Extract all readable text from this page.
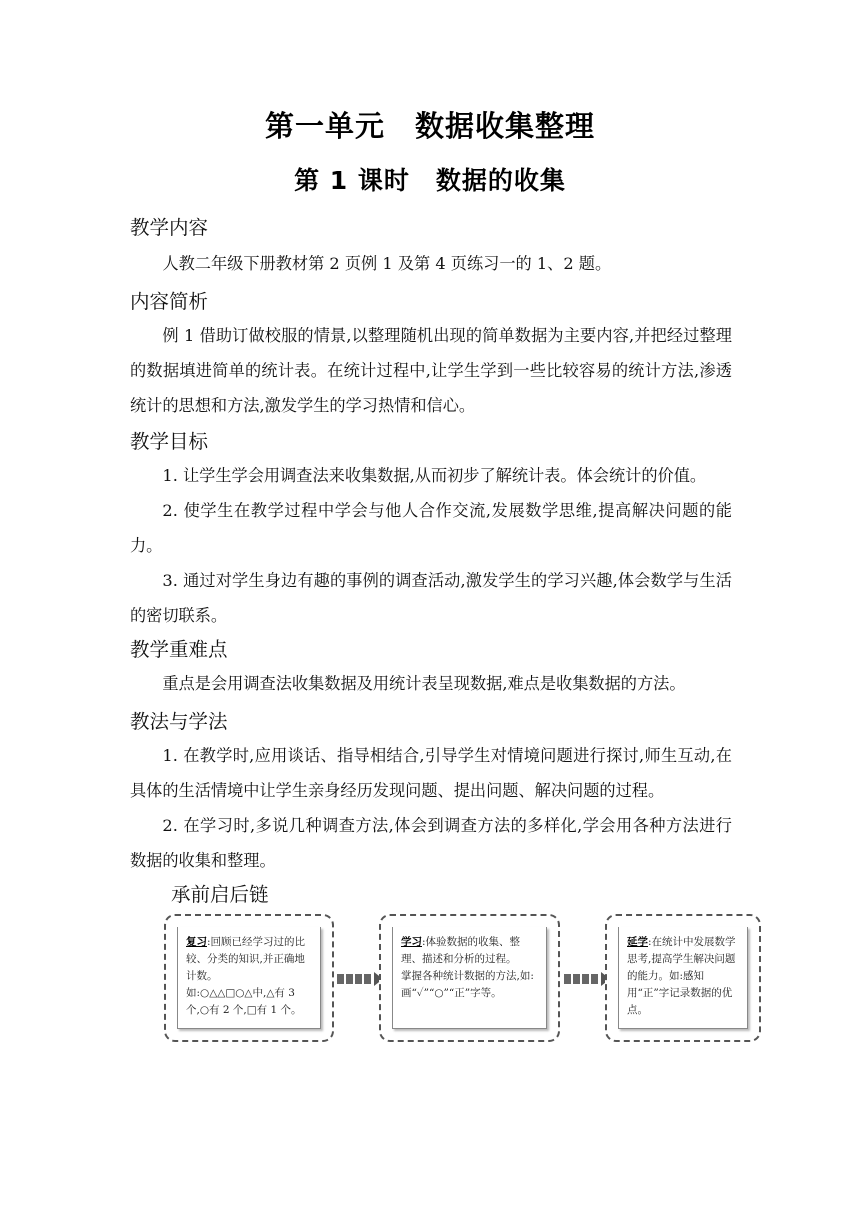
第一单元　数据收集整理
第 1 课时　数据的收集
教学内容

人教二年级下册教材第 2 页例 1 及第 4 页练习一的 1、2 题。

内容简析

例 1 借助订做校服的情景,以整理随机出现的简单数据为主要内容,并把经过整理的数据填进简单的统计表。在统计过程中,让学生学到一些比较容易的统计方法,渗透统计的思想和方法,激发学生的学习热情和信心。

教学目标

1. 让学生学会用调查法来收集数据,从而初步了解统计表。体会统计的价值。

2. 使学生在教学过程中学会与他人合作交流,发展数学思维,提高解决问题的能力。

3. 通过对学生身边有趣的事例的调查活动,激发学生的学习兴趣,体会数学与生活的密切联系。

教学重难点

重点是会用调查法收集数据及用统计表呈现数据,难点是收集数据的方法。

教法与学法

1. 在教学时,应用谈话、指导相结合,引导学生对情境问题进行探讨,师生互动,在具体的生活情境中让学生亲身经历发现问题、提出问题、解决问题的过程。

2. 在学习时,多说几种调查方法,体会到调查方法的多样化,学会用各种方法进行数据的收集和整理。

承前启后链
复习:回顾已经学习过的比较、分类的知识,并正确地计数。
如:○△△□○△中,△有 3 个,○有 2 个,□有 1 个。
学习:体验数据的收集、整理、描述和分析的过程。
掌握各种统计数据的方法,如:画“✓”“○”“正”字等。
延学:在统计中发展数学思考,提高学生解决问题的能力。如:感知用“正”字记录数据的优点。
